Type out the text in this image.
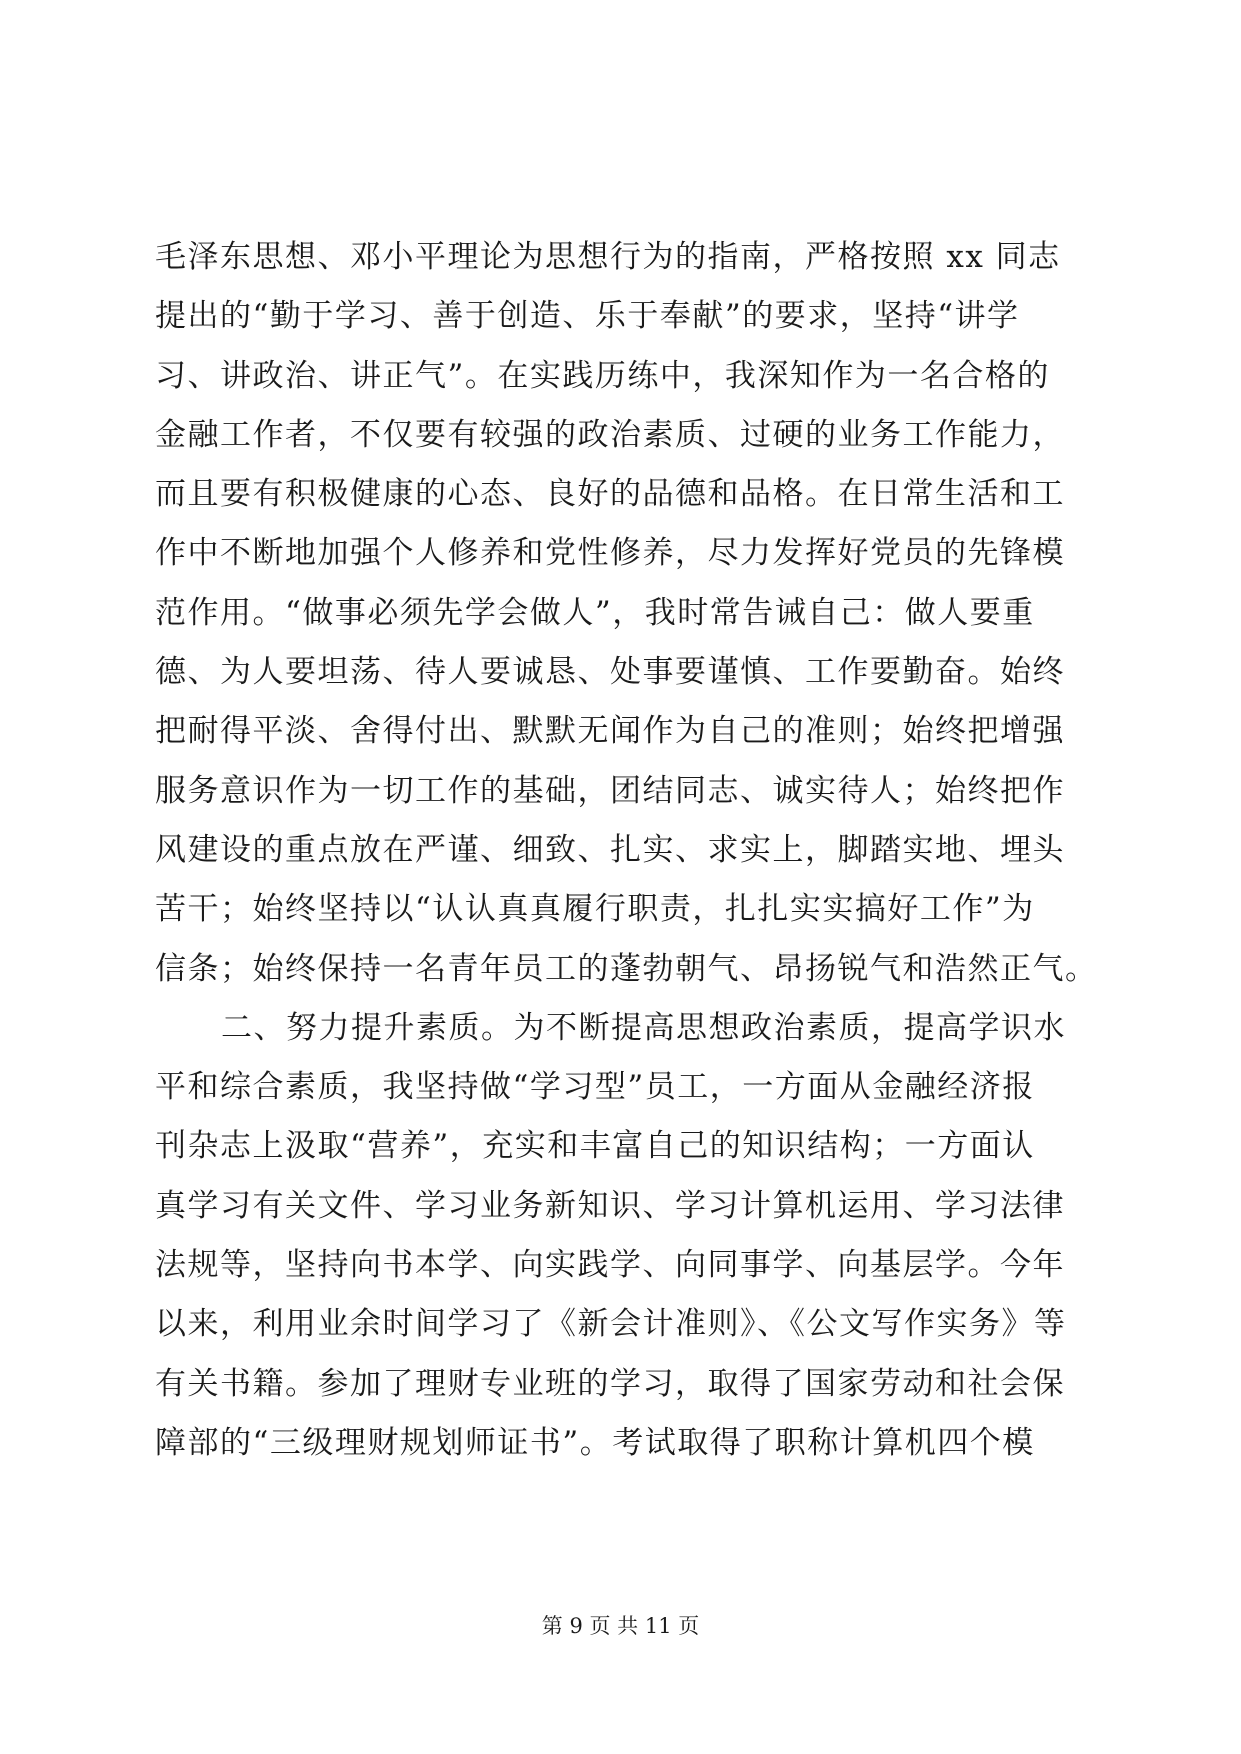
毛泽东思想、邓小平理论为思想行为的指南，严格按照 xx 同志
提出的“勤于学习、善于创造、乐于奉献”的要求，坚持“讲学
习、讲政治、讲正气”。在实践历练中，我深知作为一名合格的
金融工作者，不仅要有较强的政治素质、过硬的业务工作能力，
而且要有积极健康的心态、良好的品德和品格。在日常生活和工
作中不断地加强个人修养和党性修养，尽力发挥好党员的先锋模
范作用。“做事必须先学会做人”，我时常告诫自己：做人要重
德、为人要坦荡、待人要诚恳、处事要谨慎、工作要勤奋。始终
把耐得平淡、舍得付出、默默无闻作为自己的准则；始终把增强
服务意识作为一切工作的基础，团结同志、诚实待人；始终把作
风建设的重点放在严谨、细致、扎实、求实上，脚踏实地、埋头
苦干；始终坚持以“认认真真履行职责，扎扎实实搞好工作”为
信条；始终保持一名青年员工的蓬勃朝气、昂扬锐气和浩然正气。
二、努力提升素质。为不断提高思想政治素质，提高学识水
平和综合素质，我坚持做“学习型”员工，一方面从金融经济报
刊杂志上汲取“营养”，充实和丰富自己的知识结构；一方面认
真学习有关文件、学习业务新知识、学习计算机运用、学习法律
法规等，坚持向书本学、向实践学、向同事学、向基层学。今年
以来，利用业余时间学习了《新会计准则》、《公文写作实务》等
有关书籍。参加了理财专业班的学习，取得了国家劳动和社会保
障部的“三级理财规划师证书”。考试取得了职称计算机四个模
第 9 页 共 11 页
